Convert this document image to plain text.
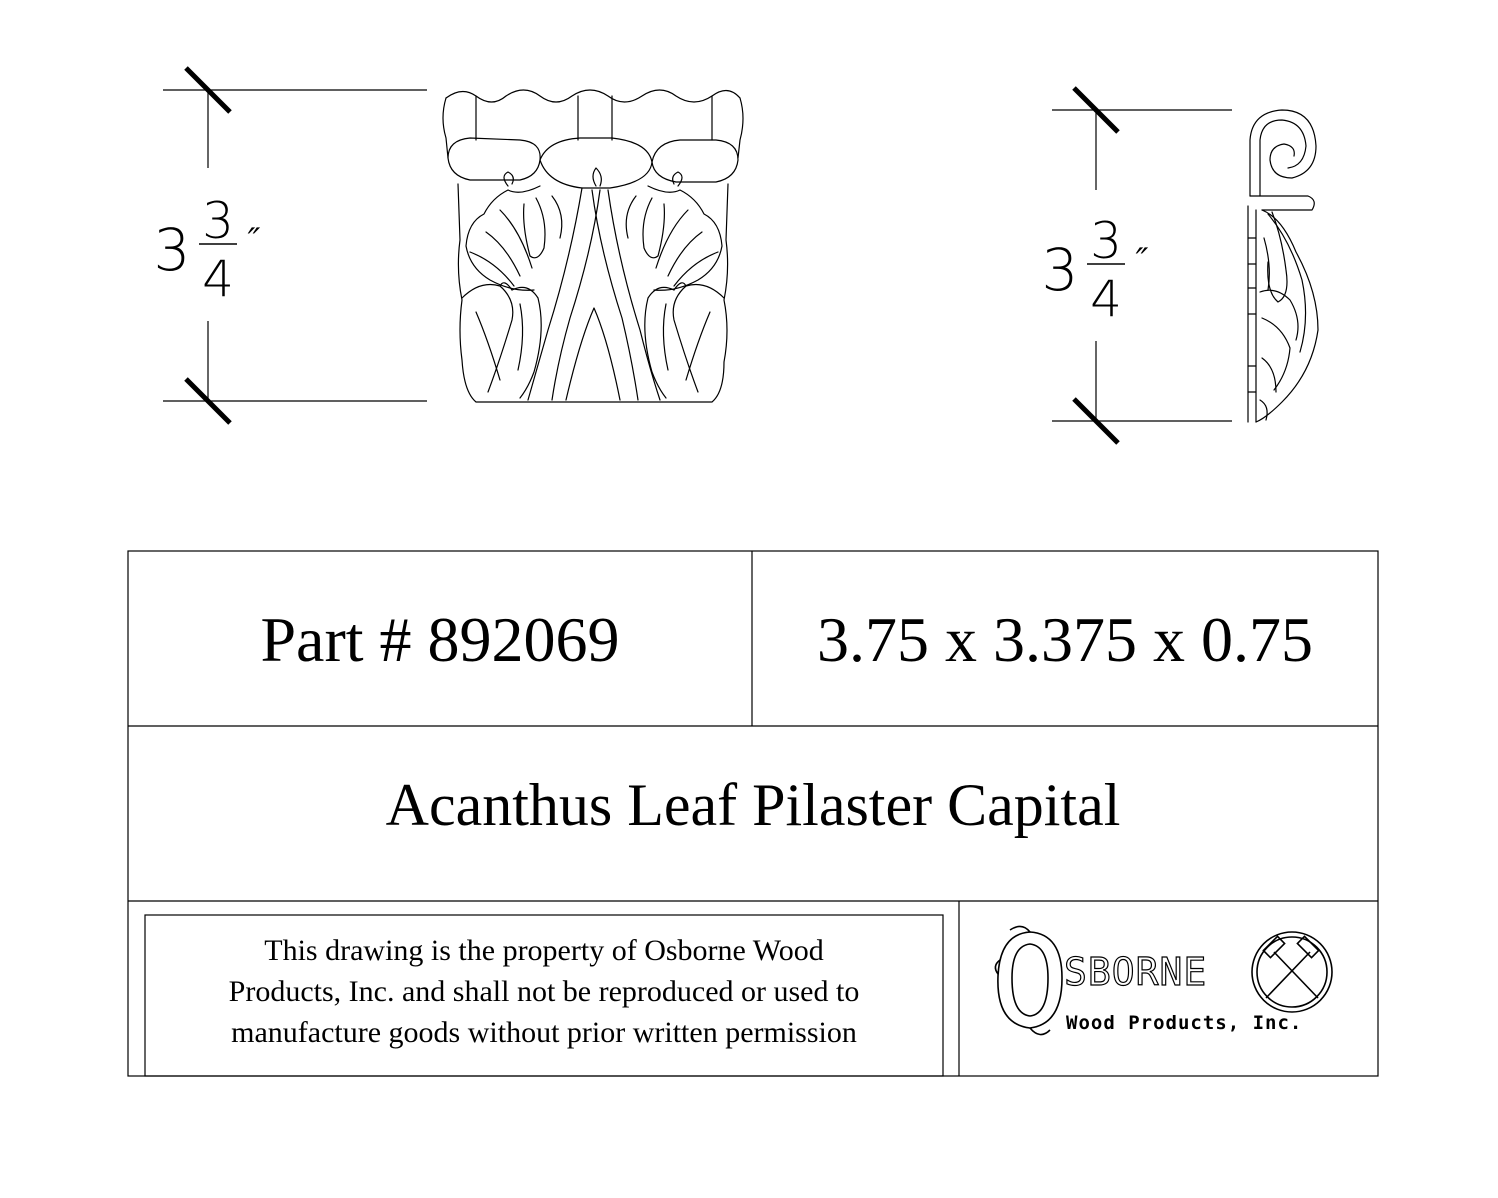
3 3
4
″	3 3
4
″
SBORNE
Wood Products, Inc.
Part # 892069	3.75 x 3.375 x 0.75
Acanthus Leaf Pilaster Capital
This drawing is the property of Osborne Wood
Products, Inc. and shall not be reproduced or used to
manufacture goods without prior written permission
